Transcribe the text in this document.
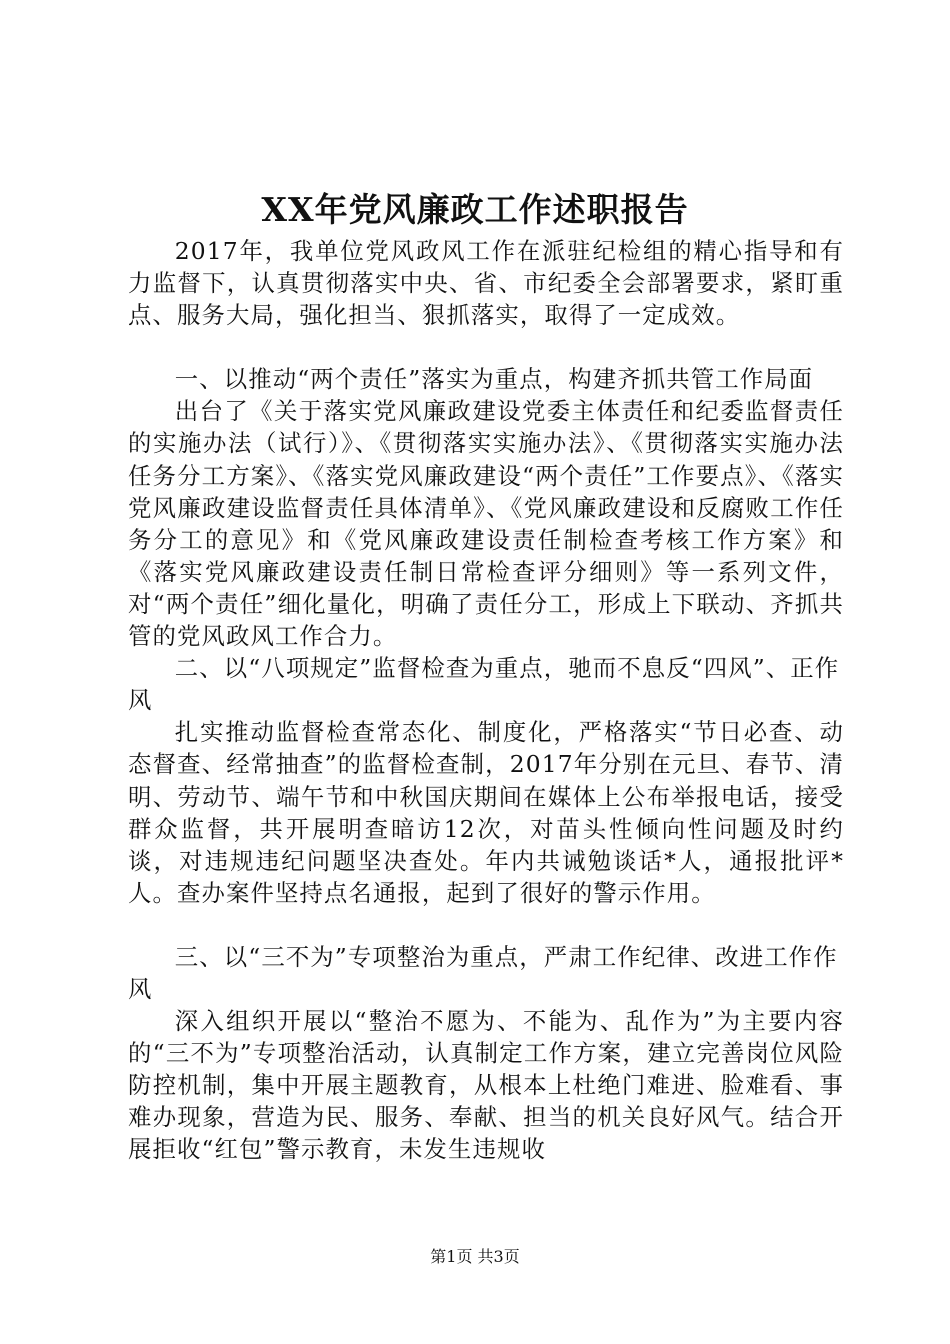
XX年党风廉政工作述职报告

2017年，我单位党风政风工作在派驻纪检组的精心指导和有力监督下，认真贯彻落实中央、省、市纪委全会部署要求，紧盯重点、服务大局，强化担当、狠抓落实，取得了一定成效。

一、以推动“两个责任”落实为重点，构建齐抓共管工作局面

出台了《关于落实党风廉政建设党委主体责任和纪委监督责任的实施办法（试行）》、《贯彻落实实施办法》、《贯彻落实实施办法任务分工方案》、《落实党风廉政建设“两个责任”工作要点》、《落实党风廉政建设监督责任具体清单》、《党风廉政建设和反腐败工作任务分工的意见》和《党风廉政建设责任制检查考核工作方案》和《落实党风廉政建设责任制日常检查评分细则》等一系列文件，对“两个责任”细化量化，明确了责任分工，形成上下联动、齐抓共管的党风政风工作合力。

二、以“八项规定”监督检查为重点，驰而不息反“四风”、正作风

扎实推动监督检查常态化、制度化，严格落实“节日必查、动态督查、经常抽查”的监督检查制，2017年分别在元旦、春节、清明、劳动节、端午节和中秋国庆期间在媒体上公布举报电话，接受群众监督，共开展明查暗访12次，对苗头性倾向性问题及时约谈，对违规违纪问题坚决查处。年内共诫勉谈话*人，通报批评*人。查办案件坚持点名通报，起到了很好的警示作用。

三、以“三不为”专项整治为重点，严肃工作纪律、改进工作作风

深入组织开展以“整治不愿为、不能为、乱作为”为主要内容的“三不为”专项整治活动，认真制定工作方案，建立完善岗位风险防控机制，集中开展主题教育，从根本上杜绝门难进、脸难看、事难办现象，营造为民、服务、奉献、担当的机关良好风气。结合开展拒收“红包”警示教育，未发生违规收

第1页 共3页
